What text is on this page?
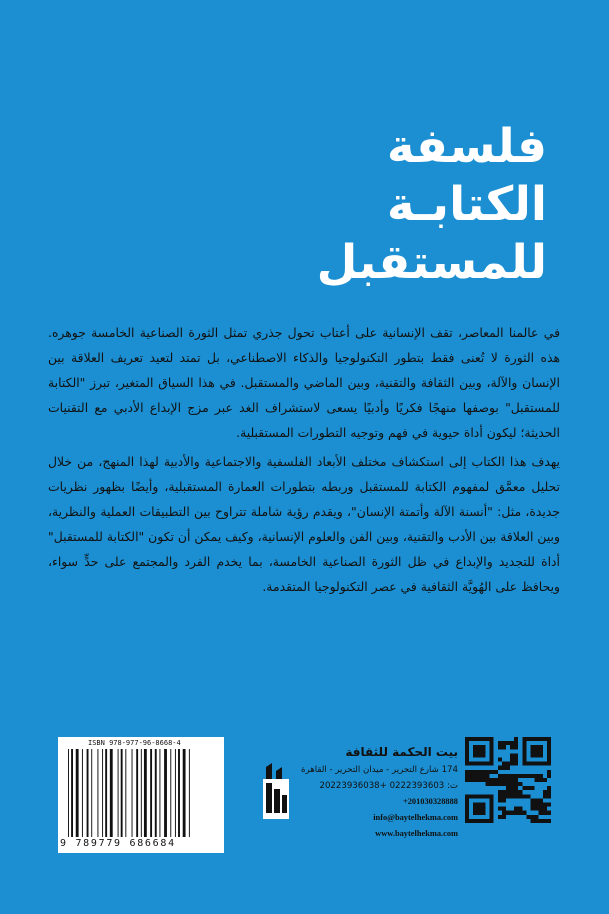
فلسفة
الكتابـة
للمستقبل

في عالمنا المعاصر، تقف الإنسانية على أعتاب تحول جذري تمثل الثورة الصناعية الخامسة جوهره. هذه الثورة لا تُعنى فقط بتطور التكنولوجيا والذكاء الاصطناعي، بل تمتد لتعيد تعريف العلاقة بين الإنسان والآلة، وبين الثقافة والتقنية، وبين الماضي والمستقبل. في هذا السياق المتغير، تبرز "الكتابة للمستقبل" بوصفها منهجًا فكريًا وأدبيًا يسعى لاستشراف الغد عبر مزج الإبداع الأدبي مع التقنيات الحديثة؛ ليكون أداة حيوية في فهم وتوجيه التطورات المستقبلية.

يهدف هذا الكتاب إلى استكشاف مختلف الأبعاد الفلسفية والاجتماعية والأدبية لهذا المنهج، من خلال تحليل معمَّق لمفهوم الكتابة للمستقبل وربطه بتطورات العمارة المستقبلية، وأيضًا بظهور نظريات جديدة، مثل: "أنسنة الآلة وأتمتة الإنسان"، ويقدم رؤية شاملة تتراوح بين التطبيقات العملية والنظرية، وبين العلاقة بين الأدب والتقنية، وبين الفن والعلوم الإنسانية، وكيف يمكن أن تكون "الكتابة للمستقبل" أداة للتجديد والإبداع في ظل الثورة الصناعية الخامسة، بما يخدم الفرد والمجتمع على حدٍّ سواء، ويحافظ على الهُويَّة الثقافية في عصر التكنولوجيا المتقدمة.

ISBN 978-977-96-8668-4
9 789779 686684
بيت الحكمة للثقافة
174 شارع التحرير - ميدان التحرير - القاهرة
ت: 0222393603 +20223936038
+201030328888
info@baytelhekma.com
www.baytelhekma.com
